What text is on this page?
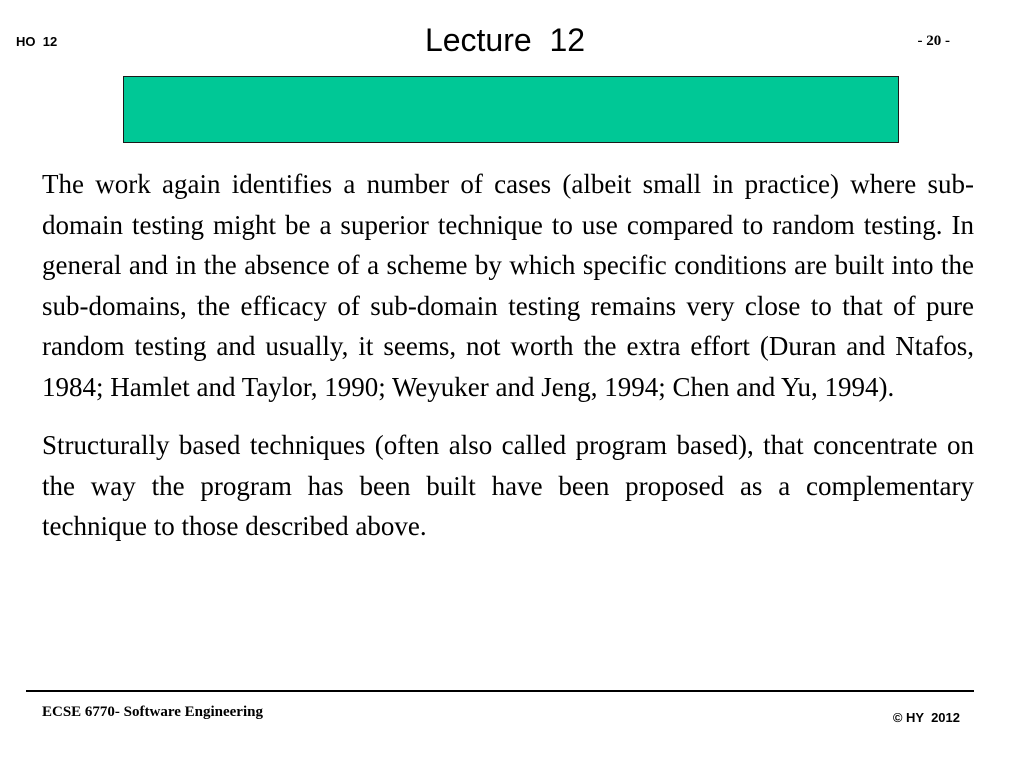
HO  12	Lecture  12	- 20 -

The work again identifies a number of cases (albeit small in practice) where sub-domain testing might be a superior technique to use compared to random testing. In general and in the absence of a scheme by which specific conditions are built into the sub-domains, the efficacy of sub-domain testing remains very close to that of pure random testing and usually, it seems, not worth the extra effort (Duran and Ntafos, 1984; Hamlet and Taylor, 1990; Weyuker and Jeng, 1994; Chen and Yu, 1994).

Structurally based techniques (often also called program based), that concentrate on the way the program has been built have been proposed as a complementary technique to those described above.

ECSE 6770- Software Engineering	© HY  2012
